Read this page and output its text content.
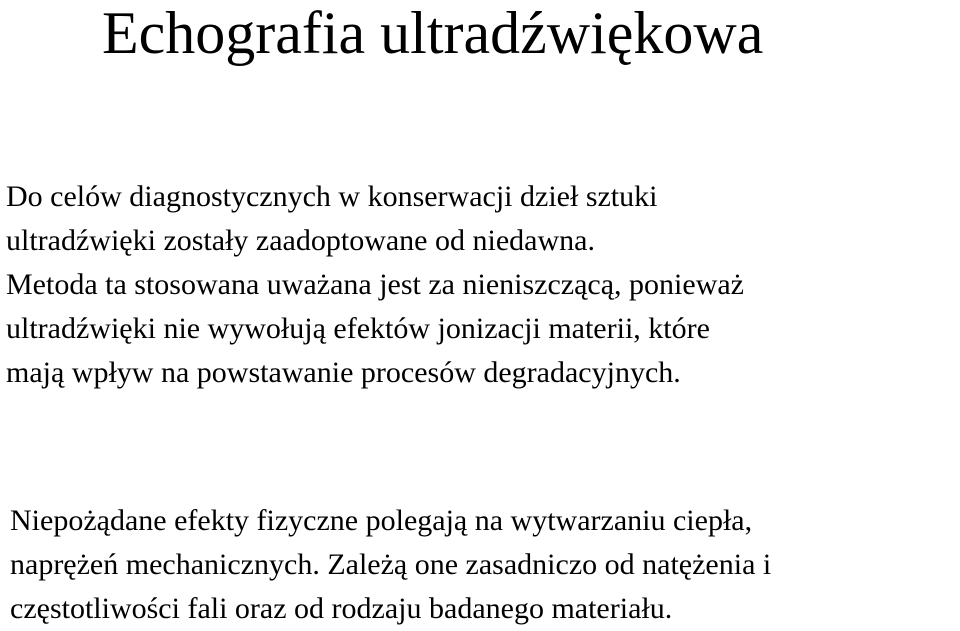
Echografia ultradźwiękowa

Do celów diagnostycznych w konserwacji dzieł sztuki
ultradźwięki zostały zaadoptowane od niedawna.
Metoda ta stosowana uważana jest za nieniszczącą, ponieważ
ultradźwięki nie wywołują efektów jonizacji materii, które
mają wpływ na powstawanie procesów degradacyjnych.

Niepożądane efekty fizyczne polegają na wytwarzaniu ciepła,
naprężeń mechanicznych. Zależą one zasadniczo od natężenia i
częstotliwości fali oraz od rodzaju badanego materiału.
